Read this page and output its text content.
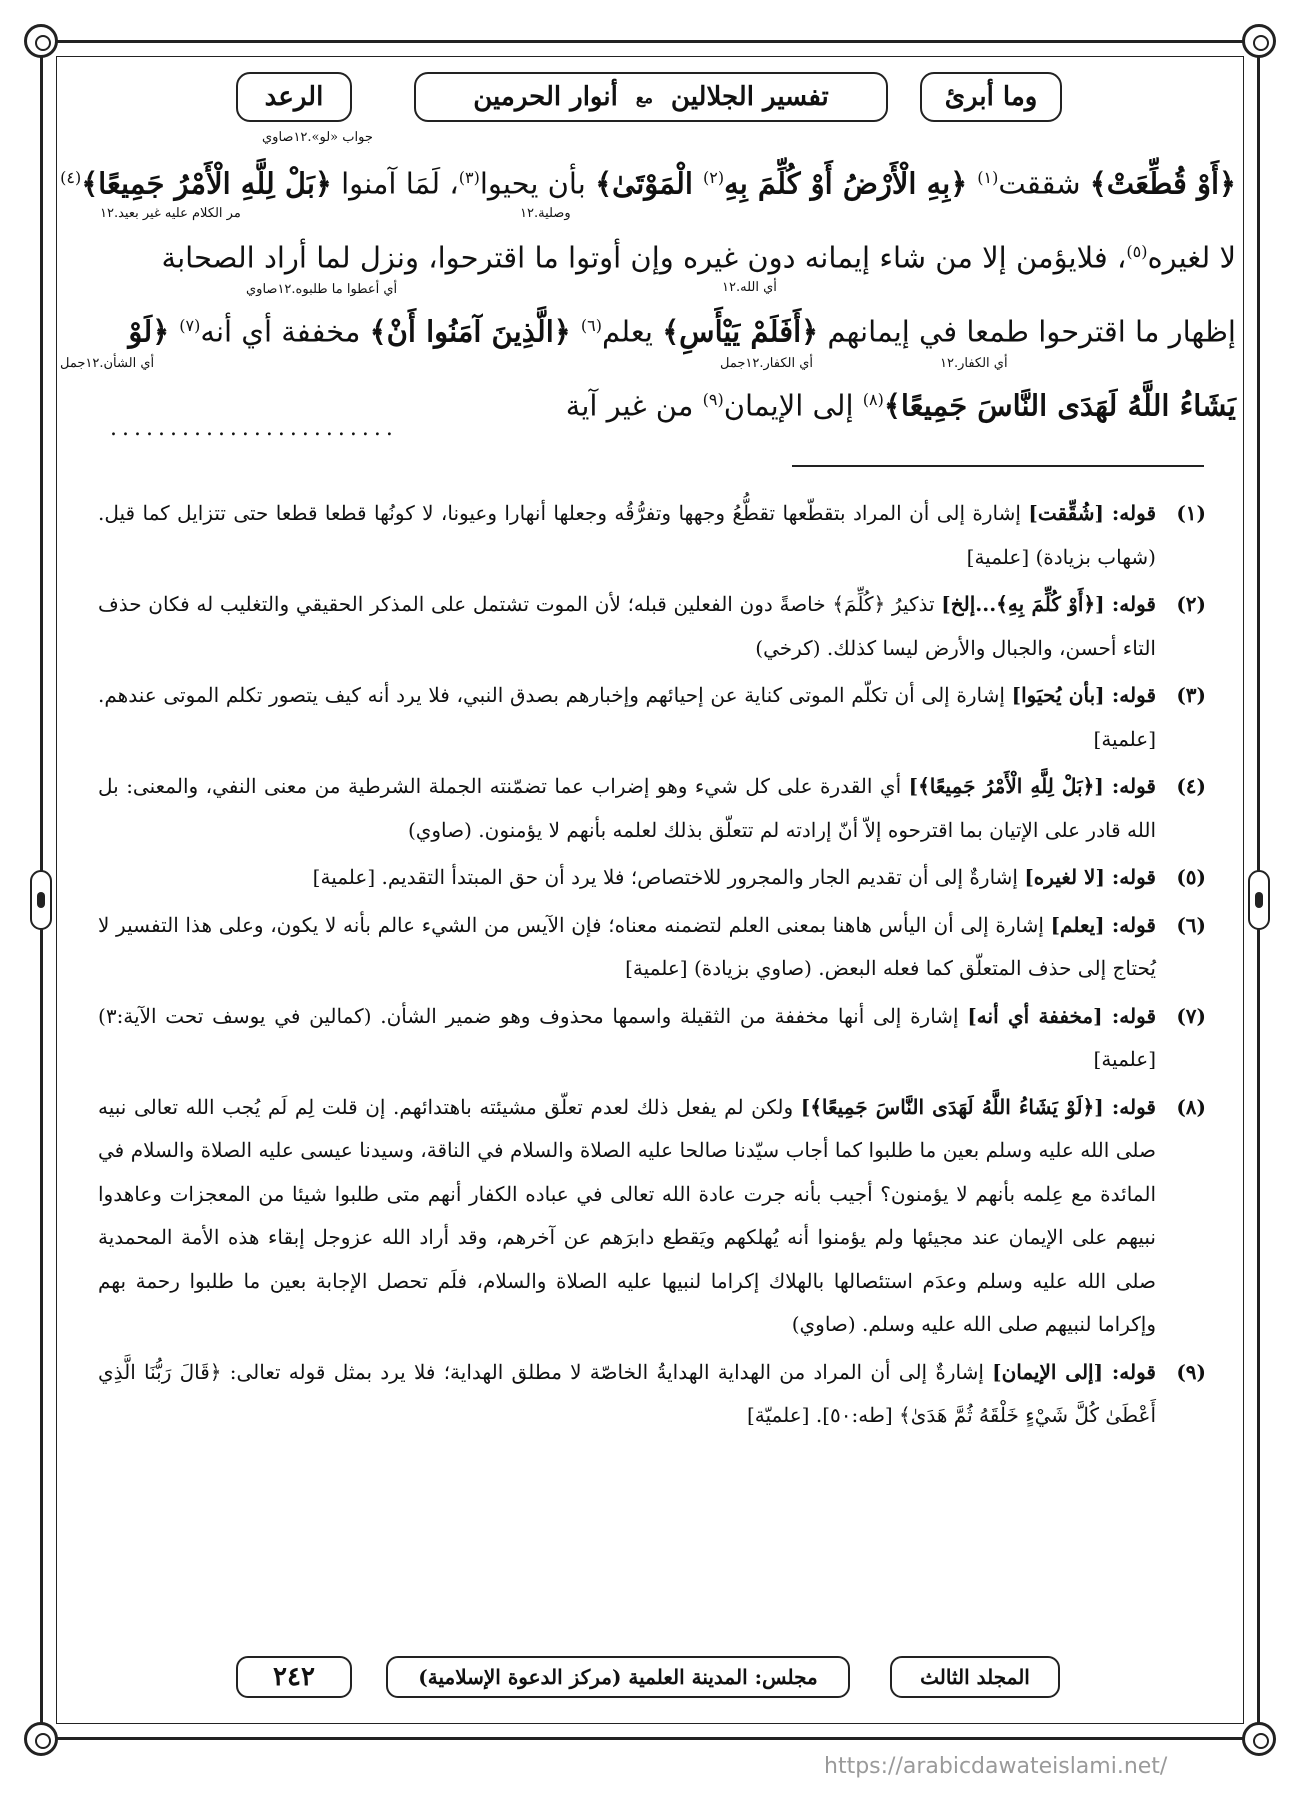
الرعد	تفسير الجلالين
مع
أنوار الحرمين	وما أبرئ
﴿أَوْ قُطِّعَتْ﴾ شققت$^{(١)}$ ﴿بِهِ الْأَرْضُ أَوْ كُلِّمَ بِهِ$^{(٢)}$ الْمَوْتَىٰ﴾ بأن يحيوا$^{(٣)}$، لَمَا آمنوا ﴿بَلْ لِلَّهِ الْأَمْرُ جَمِيعًا﴾$^{(٤)}$
لا لغيره$^{(٥)}$، فلايؤمن إلا من شاء إيمانه دون غيره وإن أوتوا ما اقترحوا، ونزل لما أراد الصحابة
إظهار ما اقترحوا طمعا في إيمانهم ﴿أَفَلَمْ يَيْأَسِ﴾ يعلم$^{(٦)}$ ﴿الَّذِينَ آمَنُوا أَنْ﴾ مخففة أي أنه$^{(٧)}$ ﴿لَوْ
يَشَاءُ اللَّهُ لَهَدَى النَّاسَ جَمِيعًا﴾$^{(٨)}$ إلى الإيمان$^{(٩)}$ من غير آية
........................
جواب «لو».١٢صاوي
وصلية.١٢
مر الكلام عليه غير بعيد.١٢
أي الله.١٢
أي أعطوا ما طلبوه.١٢صاوي
أي الكفار.١٢
أي الكفار.١٢جمل
أي الشأن.١٢جمل
(١)
قوله: [شُقِّقت] إشارة إلى أن المراد بتقطّعها تقطُّعُ وجهها وتفرُّقُه وجعلها أنهارا وعيونا، لا كونُها قطعا قطعا حتى تتزايل كما قيل. (شهاب بزيادة) [علمية]
(٢)
قوله: [﴿أَوْ كُلِّمَ بِهِ﴾...إلخ] تذكيرُ ﴿كُلِّمَ﴾ خاصةً دون الفعلين قبله؛ لأن الموت تشتمل على المذكر الحقيقي والتغليب له فكان حذف التاء أحسن، والجبال والأرض ليسا كذلك. (كرخي)
(٣)
قوله: [بأن يُحيَوا] إشارة إلى أن تكلّم الموتى كناية عن إحيائهم وإخبارهم بصدق النبي، فلا يرد أنه كيف يتصور تكلم الموتى عندهم. [علمية]
(٤)
قوله: [﴿بَلْ لِلَّهِ الْأَمْرُ جَمِيعًا﴾] أي القدرة على كل شيء وهو إضراب عما تضمّنته الجملة الشرطية من معنى النفي، والمعنى: بل الله قادر على الإتيان بما اقترحوه إلاّ أنّ إرادته لم تتعلّق بذلك لعلمه بأنهم لا يؤمنون. (صاوي)
(٥)
قوله: [لا لغيره] إشارةٌ إلى أن تقديم الجار والمجرور للاختصاص؛ فلا يرد أن حق المبتدأ التقديم. [علمية]
(٦)
قوله: [يعلم] إشارة إلى أن اليأس هاهنا بمعنى العلم لتضمنه معناه؛ فإن الآيس من الشيء عالم بأنه لا يكون، وعلى هذا التفسير لا يُحتاج إلى حذف المتعلّق كما فعله البعض. (صاوي بزيادة) [علمية]
(٧)
قوله: [مخففة أي أنه] إشارة إلى أنها مخففة من الثقيلة واسمها محذوف وهو ضمير الشأن. (كمالين في يوسف تحت الآية:٣) [علمية]
(٨)
قوله: [﴿لَوْ يَشَاءُ اللَّهُ لَهَدَى النَّاسَ جَمِيعًا﴾] ولكن لم يفعل ذلك لعدم تعلّق مشيئته باهتدائهم. إن قلت لِم لَم يُجب الله تعالى نبيه صلى الله عليه وسلم بعين ما طلبوا كما أجاب سيّدنا صالحا عليه الصلاة والسلام في الناقة، وسيدنا عيسى عليه الصلاة والسلام في المائدة مع عِلمه بأنهم لا يؤمنون؟ أجيب بأنه جرت عادة الله تعالى في عباده الكفار أنهم متى طلبوا شيئا من المعجزات وعاهدوا نبيهم على الإيمان عند مجيئها ولم يؤمنوا أنه يُهلكهم ويَقطع دابرَهم عن آخرهم، وقد أراد الله عزوجل إبقاء هذه الأمة المحمدية صلى الله عليه وسلم وعدَم استئصالها بالهلاك إكراما لنبيها عليه الصلاة والسلام، فلَم تحصل الإجابة بعين ما طلبوا رحمة بهم وإكراما لنبيهم صلى الله عليه وسلم. (صاوي)
(٩)
قوله: [إلى الإيمان] إشارةٌ إلى أن المراد من الهداية الهدايةُ الخاصّة لا مطلق الهداية؛ فلا يرد بمثل قوله تعالى: ﴿قَالَ رَبُّنَا الَّذِي أَعْطَىٰ كُلَّ شَيْءٍ خَلْقَهُ ثُمَّ هَدَىٰ﴾ [طه:٥٠]. [علميّة]
٢٤٢	مجلس: المدينة العلمية (مركز الدعوة الإسلامية)	المجلد الثالث
https://arabicdawateislami.net/
